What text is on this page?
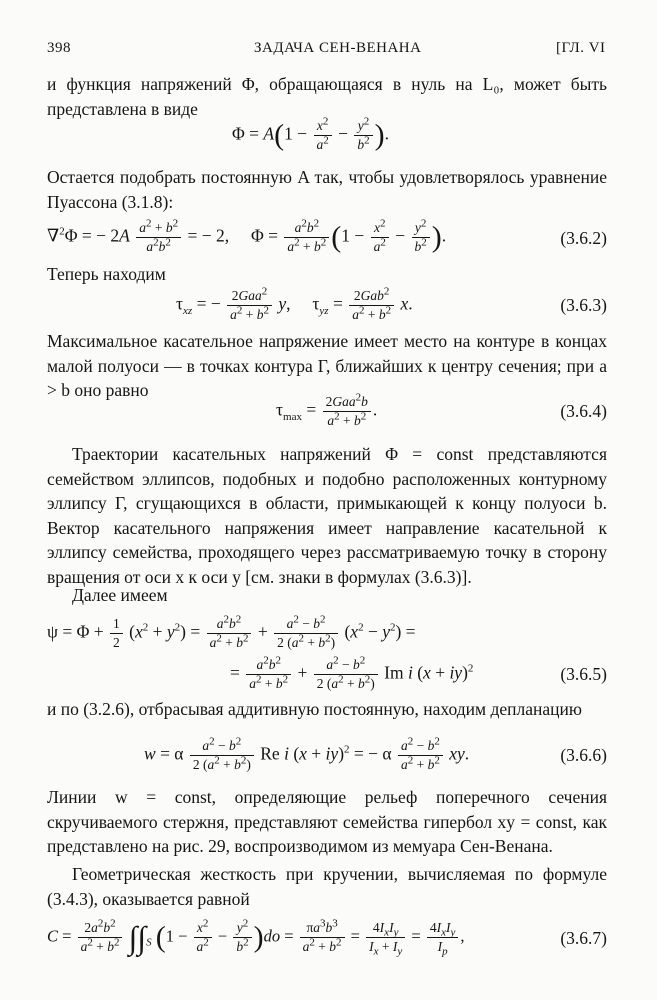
398	ЗАДАЧА СЕН-ВЕНАНА	[ГЛ. VI
и функция напряжений Φ, обращающаяся в нуль на L₀, может быть представлена в виде
$\Phi = A(1 - \frac{x^2}{a^2} - \frac{y^2}{b^2}$ ).
Остается подобрать постоянную A так, чтобы удовлетворялось уравнение Пуассона (3.1.8):
∇$^2$Φ = − $2A \frac{a^2 + b^2}{a^2b^2}$ = − 2,     $\Phi = \frac{a^2b^2}{a^2 + b^2} (1 - \frac{x^2}{a^2} - \frac{y^2}{b^2}$ ).	(3.6.2)
Теперь находим
$\tau_{xz}$ = − $\frac{2Gaa^2}{a^2 + b^2} y$,     $\tau_{yz} = \frac{2Gab^2}{a^2 + b^2} x$.	(3.6.3)
Максимальное касательное напряжение имеет место на контуре в концах малой полуоси — в точках контура Г, ближайших к центру сечения; при a > b оно равно
$\tau_{max} = \frac{2Gaa^2b}{a^2 + b^2}$ .	(3.6.4)
Траектории касательных напряжений Φ = const представляются семейством эллипсов, подобных и подобно расположенных контурному эллипсу Г, сгущающихся в области, примыкающей к концу полуоси b. Вектор касательного напряжения имеет направление касательной к эллипсу семейства, проходящего через рассматриваемую точку в сторону вращения от оси x к оси y [см. знаки в формулах (3.6.3)].
Далее имеем
$\psi = \Phi + \frac{1}{2} (x^2 + y^2) = \frac{a^2b^2}{a^2 + b^2} + \frac{a^2 - b^2}{2 (a^2 + b^2)} (x^2 - y^2)$ =
= $\frac{a^2b^2}{a^2 + b^2} + \frac{a^2 - b^2}{2 (a^2 + b^2)}$ Im i (x + iy)$^2$	(3.6.5)
и по (3.2.6), отбрасывая аддитивную постоянную, находим депланацию
w = α $\frac{a^2 - b^2}{2 (a^2 + b^2)}$ Re i (x + iy)$^2$ = − α $\frac{a^2 - b^2}{a^2 + b^2}$ xy.	(3.6.6)
Линии w = const, определяющие рельеф поперечного сечения скручиваемого стержня, представляют семейства гипербол xy = const, как представлено на рис. 29, воспроизводимом из мемуара Сен-Венана.
Геометрическая жесткость при кручении, вычисляемая по формуле (3.4.3), оказывается равной
$C = \frac{2a^2b^2}{a^2 + b^2} \int\int_S$ $(1 - \frac{x^2}{a^2} - \frac{y^2}{b^2} )do = \frac{\pi a^3b^3}{a^2 + b^2} = \frac{4I_xI_y}{I_x + I_y} = \frac{4I_xI_y}{I_p}$ ,	(3.6.7)
